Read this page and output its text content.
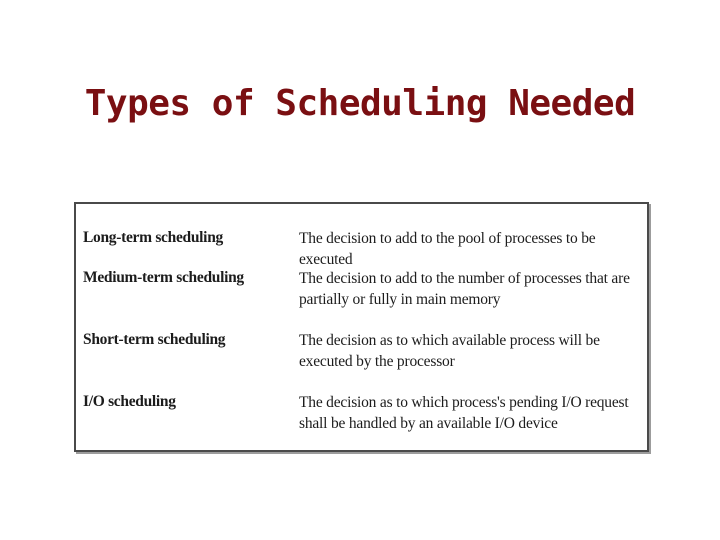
Types of Scheduling Needed
Long-term scheduling	The decision to add to the pool of processes to be executed
Medium-term scheduling	The decision to add to the number of processes that are partially or fully in main memory
Short-term scheduling	The decision as to which available process will be executed by the processor
I/O scheduling	The decision as to which process's pending I/O request shall be handled by an available I/O device
